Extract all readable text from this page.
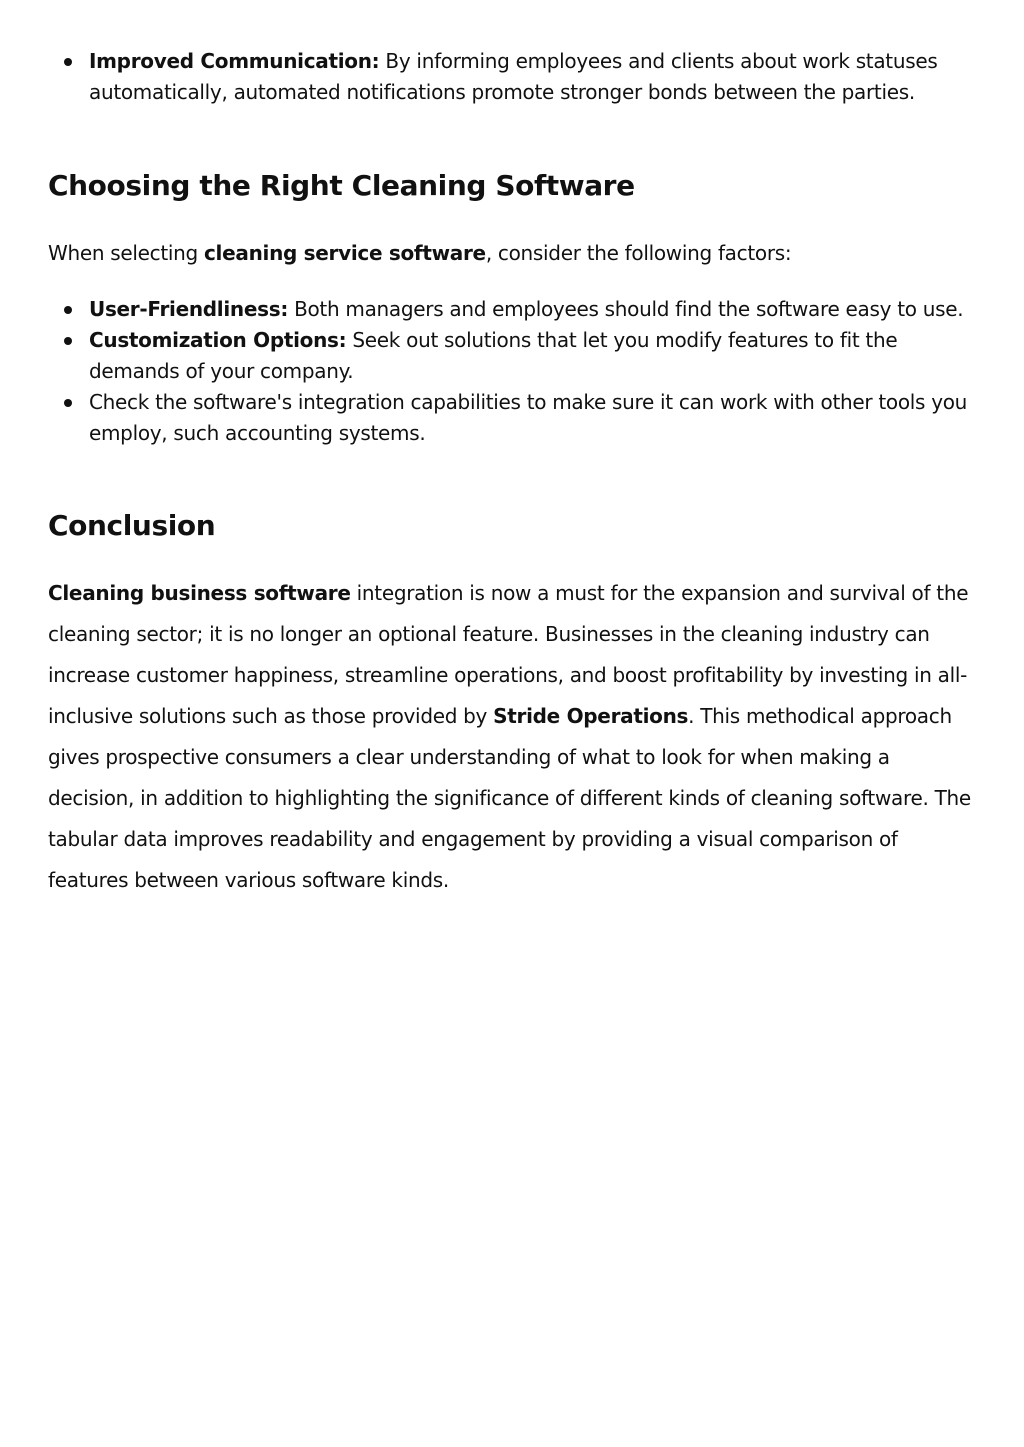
Improved Communication: By informing employees and clients about work statuses automatically, automated notifications promote stronger bonds between the parties.
Choosing the Right Cleaning Software

When selecting cleaning service software, consider the following factors:

User-Friendliness: Both managers and employees should find the software easy to use.
Customization Options: Seek out solutions that let you modify features to fit the demands of your company.
Check the software's integration capabilities to make sure it can work with other tools you employ, such accounting systems.
Conclusion

Cleaning business software integration is now a must for the expansion and survival of the cleaning sector; it is no longer an optional feature. Businesses in the cleaning industry can increase customer happiness, streamline operations, and boost profitability by investing in all-inclusive solutions such as those provided by Stride Operations. This methodical approach gives prospective consumers a clear understanding of what to look for when making a decision, in addition to highlighting the significance of different kinds of cleaning software. The tabular data improves readability and engagement by providing a visual comparison of features between various software kinds.
